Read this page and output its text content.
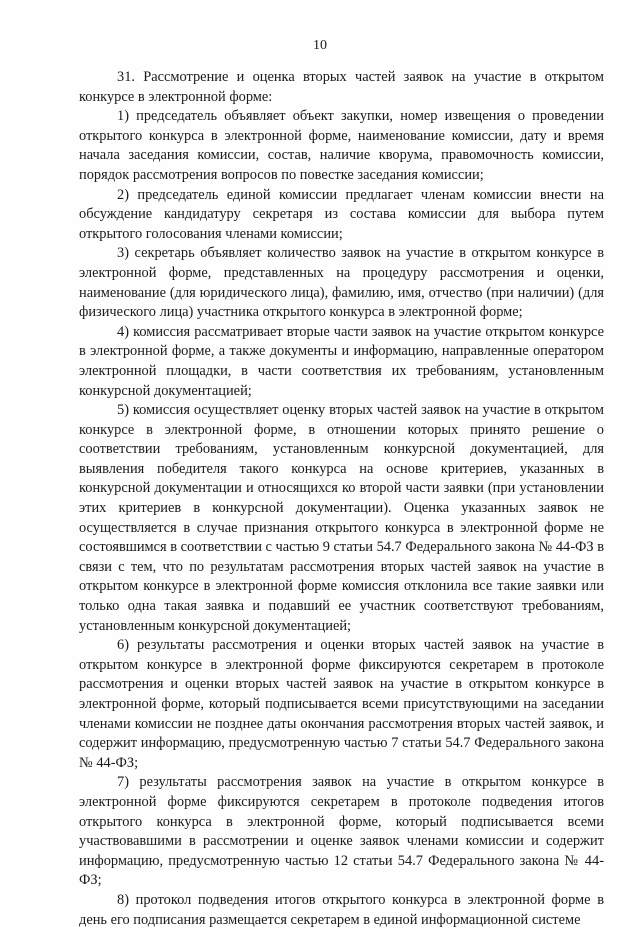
10

31. Рассмотрение и оценка вторых частей заявок на участие в открытом конкурсе в электронной форме:

1) председатель объявляет объект закупки, номер извещения о проведении открытого конкурса в электронной форме, наименование комиссии, дату и время начала заседания комиссии, состав, наличие кворума, правомочность комиссии, порядок рассмотрения вопросов по повестке заседания комиссии;

2) председатель единой комиссии предлагает членам комиссии внести на обсуждение кандидатуру секретаря из состава комиссии для выбора путем открытого голосования членами комиссии;

3) секретарь объявляет количество заявок на участие в открытом конкурсе в электронной форме, представленных на процедуру рассмотрения и оценки, наименование (для юридического лица), фамилию, имя, отчество (при наличии) (для физического лица) участника открытого конкурса в электронной форме;

4) комиссия рассматривает вторые части заявок на участие открытом конкурсе в электронной форме, а также документы и информацию, направленные оператором электронной площадки, в части соответствия их требованиям, установленным конкурсной документацией;

5) комиссия осуществляет оценку вторых частей заявок на участие в открытом конкурсе в электронной форме, в отношении которых принято решение о соответствии требованиям, установленным конкурсной документацией, для выявления победителя такого конкурса на основе критериев, указанных в конкурсной документации и относящихся ко второй части заявки (при установлении этих критериев в конкурсной документации). Оценка указанных заявок не осуществляется в случае признания открытого конкурса в электронной форме не состоявшимся в соответствии с частью 9 статьи 54.7 Федерального закона № 44-ФЗ в связи с тем, что по результатам рассмотрения вторых частей заявок на участие в открытом конкурсе в электронной форме комиссия отклонила все такие заявки или только одна такая заявка и подавший ее участник соответствуют требованиям, установленным конкурсной документацией;

6) результаты рассмотрения и оценки вторых частей заявок на участие в открытом конкурсе в электронной форме фиксируются секретарем в протоколе рассмотрения и оценки вторых частей заявок на участие в открытом конкурсе в электронной форме, который подписывается всеми присутствующими на заседании членами комиссии не позднее даты окончания рассмотрения вторых частей заявок, и содержит информацию, предусмотренную частью 7 статьи 54.7 Федерального закона № 44-ФЗ;

7) результаты рассмотрения заявок на участие в открытом конкурсе в электронной форме фиксируются секретарем в протоколе подведения итогов открытого конкурса в электронной форме, который подписывается всеми участвовавшими в рассмотрении и оценке заявок членами комиссии и содержит информацию, предусмотренную частью 12 статьи 54.7 Федерального закона № 44-ФЗ;

8) протокол подведения итогов открытого конкурса в электронной форме в день его подписания размещается секретарем в единой информационной системе
